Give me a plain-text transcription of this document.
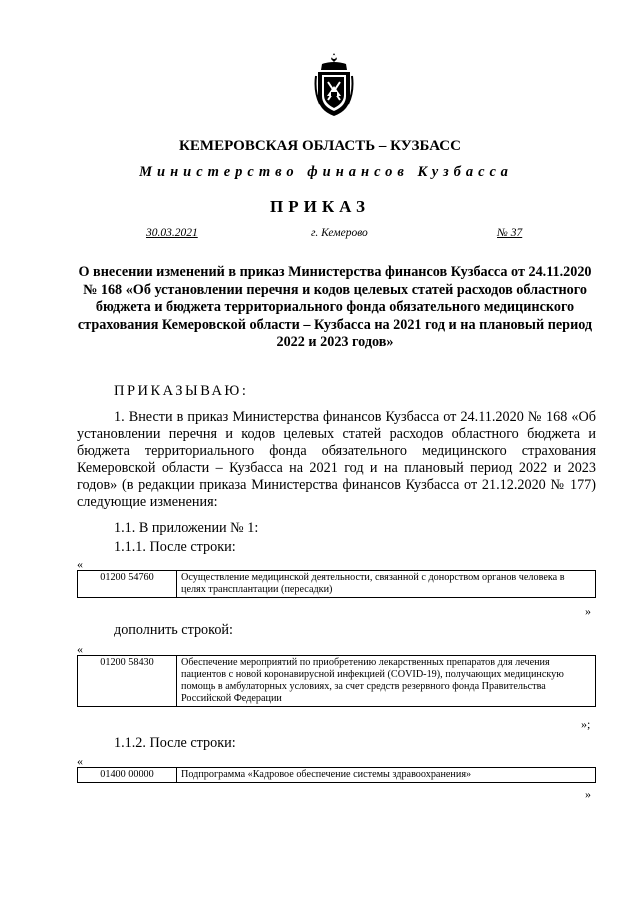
КЕМЕРОВСКАЯ ОБЛАСТЬ – КУЗБАСС
Министерство финансов Кузбасса
ПРИКАЗ
30.03.2021	г. Кемерово	№ 37
О внесении изменений в приказ Министерства финансов Кузбасса от 24.11.2020 № 168 «Об установлении перечня и кодов целевых статей расходов областного бюджета и бюджета территориального фонда обязательного медицинского страхования Кемеровской области – Кузбасса на 2021 год и на плановый период 2022 и 2023 годов»
ПРИКАЗЫВАЮ:
1. Внести в приказ Министерства финансов Кузбасса от 24.11.2020 № 168 «Об установлении перечня и кодов целевых статей расходов областного бюджета и бюджета территориального фонда обязательного медицинского страхования Кемеровской области – Кузбасса на 2021 год и на плановый период 2022 и 2023 годов» (в редакции приказа Министерства финансов Кузбасса от 21.12.2020 № 177) следующие изменения:
1.1. В приложении № 1:
1.1.1. После строки:
«
01200 54760	Осуществление медицинской деятельности, связанной с донорством органов человека в целях трансплантации (пересадки)
»
дополнить строкой:
«
01200 58430	Обеспечение мероприятий по приобретению лекарственных препаратов для лечения пациентов с новой коронавирусной инфекцией (COVID-19), получающих медицинскую помощь в амбулаторных условиях, за счет средств резервного фонда Правительства Российской Федерации
»;
1.1.2. После строки:
«
01400 00000	Подпрограмма «Кадровое обеспечение системы здравоохранения»
»
